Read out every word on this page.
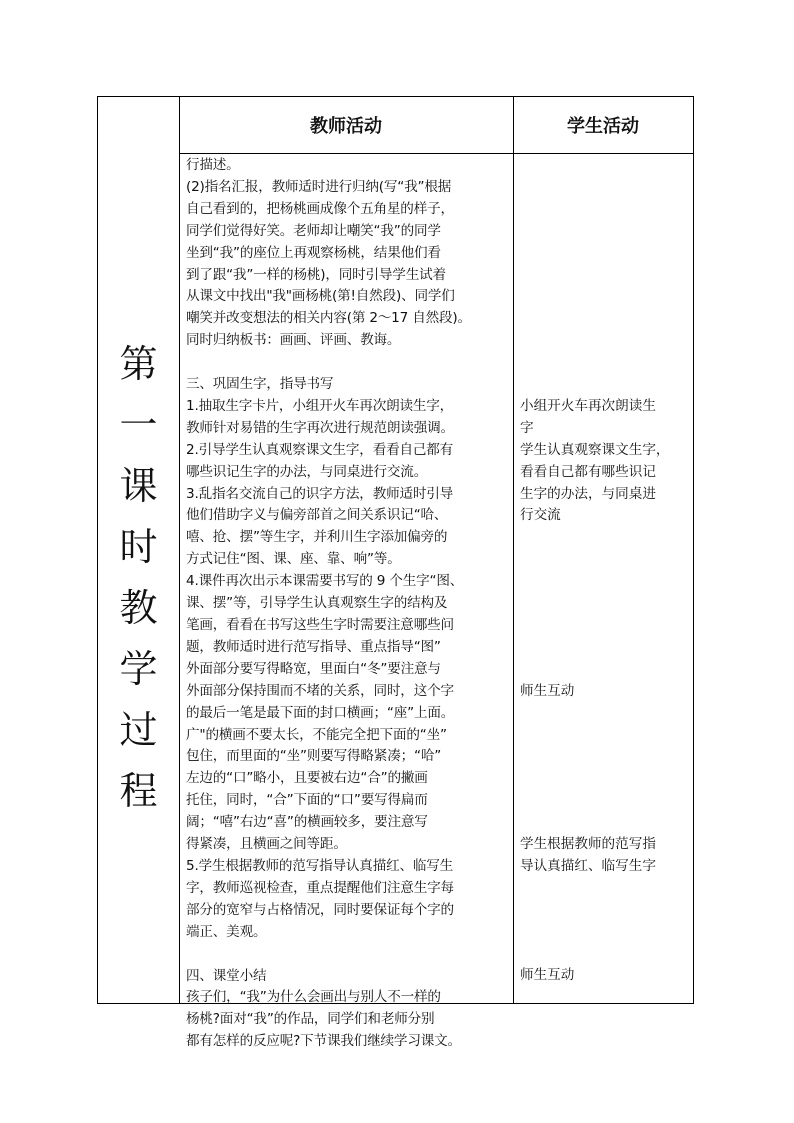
第
一
课
时
教
学
过
程
教师活动	学生活动

行描述。

(2)指名汇报，教师适时进行归纳(写“我”根据

自己看到的，把杨桃画成像个五角星的样子，

同学们觉得好笑。老师却让嘲笑“我”的同学

坐到“我”的座位上再观察杨桃，结果他们看

到了跟“我”一样的杨桃)，同时引导学生试着

从课文中找出"我"画杨桃(第!自然段)、同学们

嘲笑并改变想法的相关内容(第 2～17 自然段)。

同时归纳板书：画画、评画、教诲。

三、巩固生字，指导书写

1.抽取生字卡片，小组开火车再次朗读生字，

教师针对易错的生字再次进行规范朗读强调。

2.引导学生认真观察课文生字，看看自己都有

哪些识记生字的办法，与同桌进行交流。

3.乱指名交流自己的识字方法，教师适时引导

他们借助字义与偏旁部首之间关系识记“哈、

嘻、抢、摆”等生字，并利川生字添加偏旁的

方式记住“图、课、座、靠、响”等。

4.课件再次出示本课需要书写的 9 个生字“图、

课、摆”等，引导学生认真观察生字的结构及

笔画，看看在书写这些生字时需要注意哪些问

题，教师适时进行范写指导、重点指导“图”

外面部分要写得略宽，里面白“冬”要注意与

外面部分保持围而不堵的关系，同时，这个字

的最后一笔是最下面的封口横画；“座”上面。

广"的横画不要太长，不能完全把下面的“坐”

包住，而里面的“坐”则要写得略紧凑；“哈”

左边的“口”略小，且要被右边“合”的撇画

托住，同时，“合”下面的“口”要写得扁而

阔；“嘻”右边“喜”的横画较多，要注意写

得紧凑，且横画之间等距。

5.学生根据教师的范写指导认真描红、临写生

字，教师巡视检查，重点提醒他们注意生字每

部分的宽窄与占格情况，同时要保证每个字的

端正、美观。

四、课堂小结

孩子们，“我”为什么会画出与别人不一样的

杨桃?面对“我”的作品，同学们和老师分别

都有怎样的反应呢?下节课我们继续学习课文。

小组开火车再次朗读生

字

学生认真观察课文生字，

看看自己都有哪些识记

生字的办法，与同桌进

行交流

师生互动

学生根据教师的范写指

导认真描红、临写生字

师生互动
